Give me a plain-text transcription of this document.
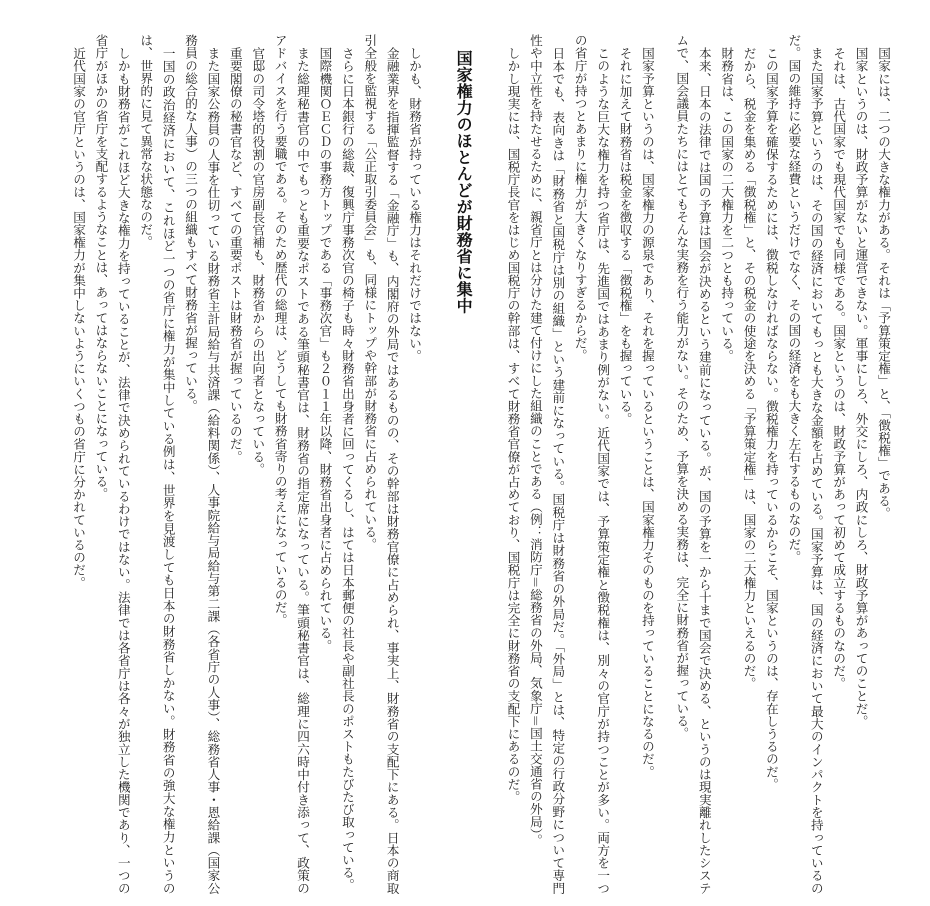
国家には、二つの大きな権力がある。それは「予算策定権」と、「徴税権」である。

国家というのは、財政予算がないと運営できない。軍事にしろ、外交にしろ、内政にしろ、財政予算があってのことだ。

それは、古代国家でも現代国家でも同様である。国家というのは、財政予算があって初めて成立するものなのだ。

また国家予算というのは、その国の経済においてもっとも大きな金額を占めている。国家予算は、国の経済において最大のインパクトを持っているのだ。国の維持に必要な経費というだけでなく、その国の経済をも大きく左右するものなのだ。

この国家予算を確保するためには、徴税しなければならない。徴税権力を持っているからこそ、国家というのは、存在しうるのだ。

だから、税金を集める「徴税権」と、その税金の使途を決める「予算策定権」は、国家の二大権力といえるのだ。

財務省は、この国家の二大権力を二つとも持っている。

本来、日本の法律では国の予算は国会が決めるという建前になっている。が、国の予算を一から十まで国会で決める、というのは現実離れしたシステムで、国会議員たちにはとてもそんな実務を行う能力がない。そのため、予算を決める実務は、完全に財務省が握っている。

国家予算というのは、国家権力の源泉であり、それを握っているということは、国家権力そのものを持っていることになるのだ。

それに加えて財務省は税金を徴収する「徴税権」をも握っている。

このような巨大な権力を持つ省庁は、先進国ではあまり例がない。近代国家では、予算策定権と徴税権は、別々の官庁が持つことが多い。両方を一つの省庁が持つとあまりに権力が大きくなりすぎるからだ。

日本でも、表向きは「財務省と国税庁は別の組織」という建前になっている。国税庁は財務省の外局だ。「外局」とは、特定の行政分野について専門性や中立性を持たせるために、親省庁とは分けた建て付けにした組織のことである（例：消防庁＝総務省の外局、気象庁＝国土交通省の外局）。

しかし現実には、国税庁長官をはじめ国税庁の幹部は、すべて財務省官僚が占めており、国税庁は完全に財務省の支配下にあるのだ。

国家権力のほとんどが財務省に集中

しかも、財務省が持っている権力はそれだけではない。

金融業界を指揮監督する「金融庁」も、内閣府の外局ではあるものの、その幹部は財務官僚に占められ、事実上、財務省の支配下にある。日本の商取引全般を監視する「公正取引委員会」も、同様にトップや幹部が財務省に占められている。

さらに日本銀行の総裁、復興庁事務次官の椅子も時々財務省出身者に回ってくるし、はては日本郵便の社長や副社長のポストもたびたび取っている。

国際機関ＯＥＣＤの事務方トップである「事務次官」も２０１１年以降、財務省出身者に占められている。

また総理秘書官の中でもっとも重要なポストである筆頭秘書官は、財務省の指定席になっている。筆頭秘書官は、総理に四六時中付き添って、政策のアドバイスを行う要職である。そのため歴代の総理は、どうしても財務省寄りの考えになっているのだ。

官邸の司令塔的役割の官房副長官補も、財務省からの出向者となっている。

重要閣僚の秘書官など、すべての重要ポストは財務省が握っているのだ。

また国家公務員の人事を仕切っている財務省主計局給与共済課（給料関係）、人事院給与局給与第二課（各省庁の人事）、総務省人事・恩給課（国家公務員の総合的な人事）の三つの組織もすべて財務省が握っている。

一国の政治経済において、これほど一つの省庁に権力が集中している例は、世界を見渡しても日本の財務省しかない。財務省の強大な権力というのは、世界的に見て異常な状態なのだ。

しかも財務省がこれほど大きな権力を持っていることが、法律で決められているわけではない。法律では各省庁は各々が独立した機関であり、一つの省庁がほかの省庁を支配するようなことは、あってはならないことになっている。

近代国家の官庁というのは、国家権力が集中しないようにいくつもの省庁に分かれているのだ。
